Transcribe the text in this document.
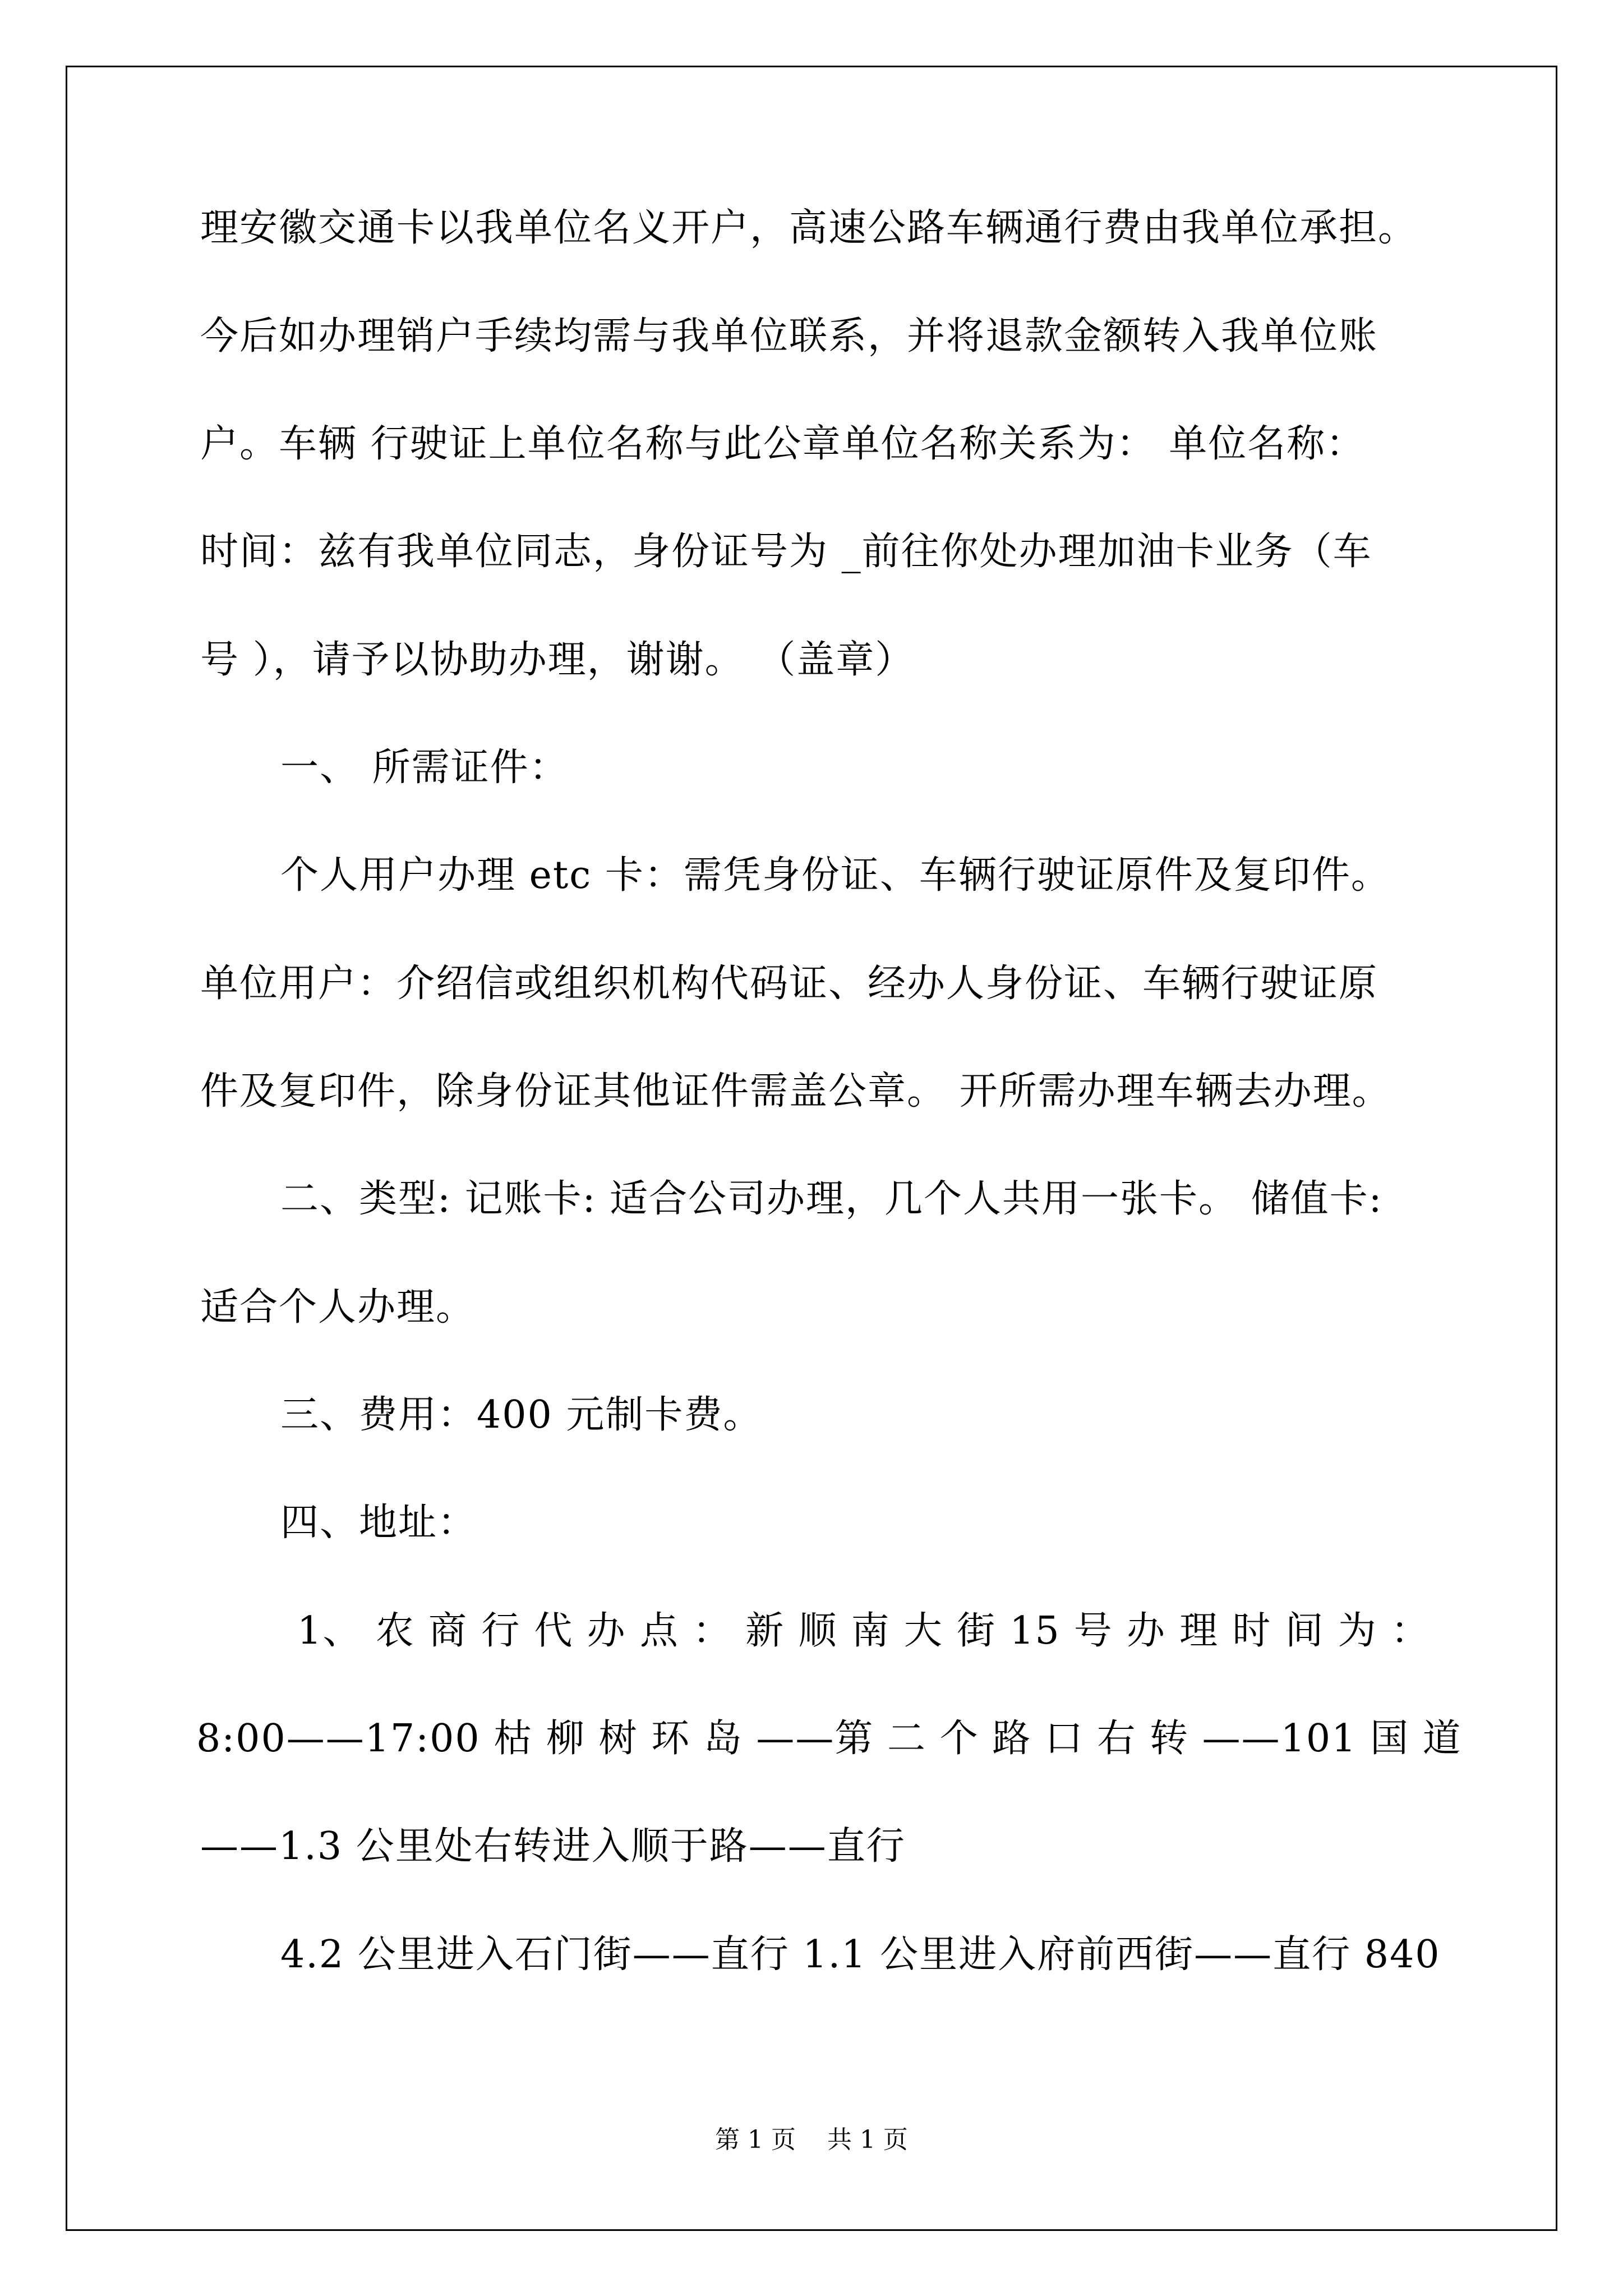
理安徽交通卡以我单位名义开户，高速公路车辆通行费由我单位承担。
今后如办理销户手续均需与我单位联系，并将退款金额转入我单位账
户。车辆 行驶证上单位名称与此公章单位名称关系为： 单位名称：
时间：兹有我单位同志，身份证号为 _前往你处办理加油卡业务（车
号 ），请予以协助办理，谢谢。 （盖章）
一、 所需证件：
个人用户办理 etc 卡：需凭身份证、车辆行驶证原件及复印件。
单位用户：介绍信或组织机构代码证、经办人身份证、车辆行驶证原
件及复印件，除身份证其他证件需盖公章。 开所需办理车辆去办理。
二、类型: 记账卡: 适合公司办理，几个人共用一张卡。 储值卡:
适合个人办理。
三、费用：400 元制卡费。
四、地址：
1、 农 商 行 代 办 点 ： 新 顺 南 大 街 15 号 办 理 时 间 为 ：
8:00——17:00 枯 柳 树 环 岛 ——第 二 个 路 口 右 转 ——101 国 道
——1.3 公里处右转进入顺于路——直行
4.2 公里进入石门街——直行 1.1 公里进入府前西街——直行 840
第 1 页    共 1 页
